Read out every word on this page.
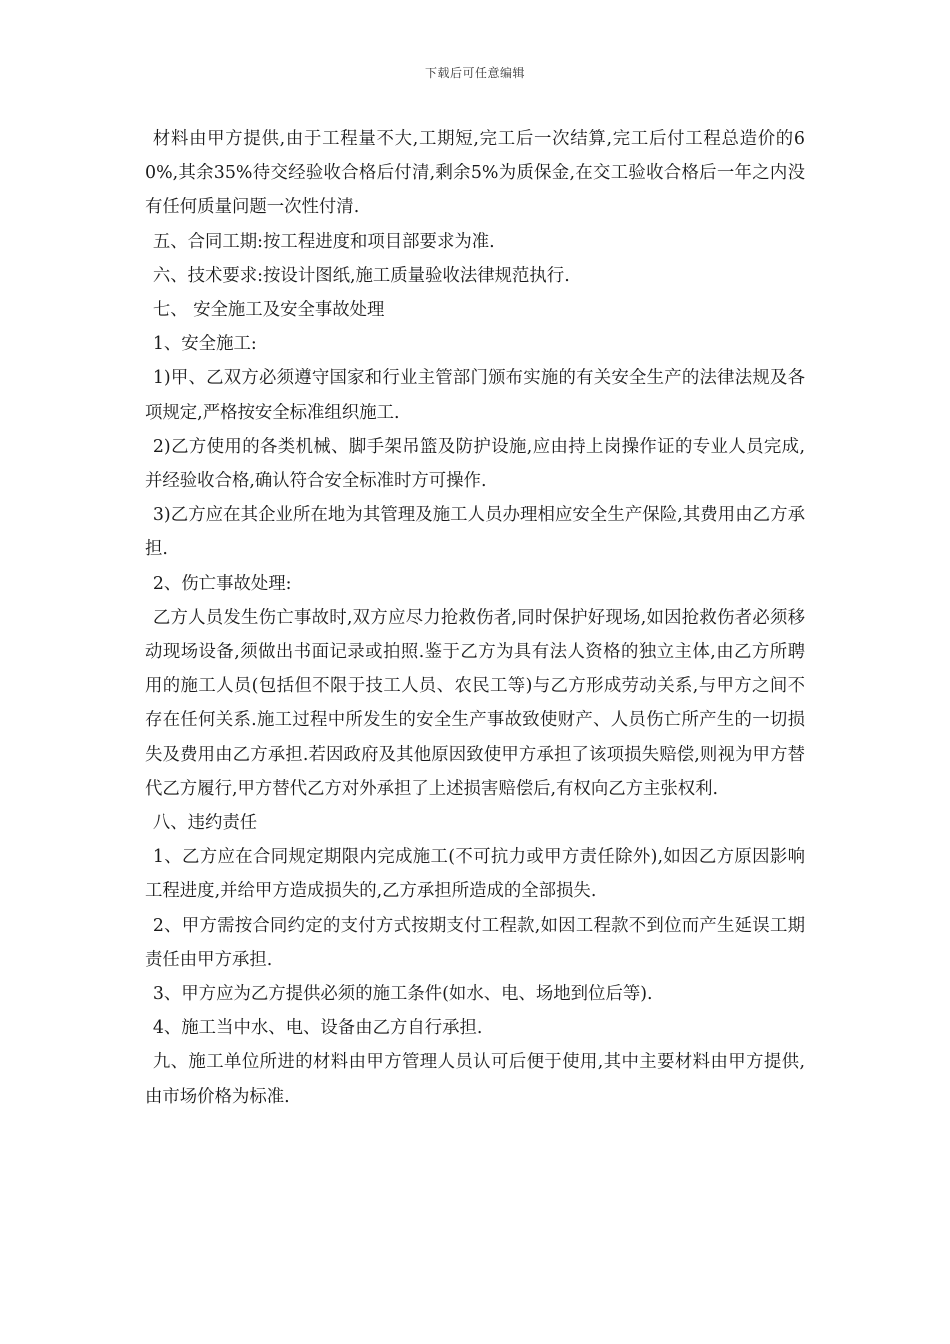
下载后可任意编辑

材料由甲方提供,由于工程量不大,工期短,完工后一次结算,完工后付工程总造价的60%,其余35%待交经验收合格后付清,剩余5%为质保金,在交工验收合格后一年之内没有任何质量问题一次性付清.

五、合同工期:按工程进度和项目部要求为准.

六、技术要求:按设计图纸,施工质量验收法律规范执行.

七、 安全施工及安全事故处理

1、安全施工:

1)甲、乙双方必须遵守国家和行业主管部门颁布实施的有关安全生产的法律法规及各项规定,严格按安全标准组织施工.

2)乙方使用的各类机械、脚手架吊篮及防护设施,应由持上岗操作证的专业人员完成,并经验收合格,确认符合安全标准时方可操作.

3)乙方应在其企业所在地为其管理及施工人员办理相应安全生产保险,其费用由乙方承担.

2、伤亡事故处理:

乙方人员发生伤亡事故时,双方应尽力抢救伤者,同时保护好现场,如因抢救伤者必须移动现场设备,须做出书面记录或拍照.鉴于乙方为具有法人资格的独立主体,由乙方所聘用的施工人员(包括但不限于技工人员、农民工等)与乙方形成劳动关系,与甲方之间不存在任何关系.施工过程中所发生的安全生产事故致使财产、人员伤亡所产生的一切损失及费用由乙方承担.若因政府及其他原因致使甲方承担了该项损失赔偿,则视为甲方替代乙方履行,甲方替代乙方对外承担了上述损害赔偿后,有权向乙方主张权利.

八、违约责任

1、乙方应在合同规定期限内完成施工(不可抗力或甲方责任除外),如因乙方原因影响工程进度,并给甲方造成损失的,乙方承担所造成的全部损失.

2、甲方需按合同约定的支付方式按期支付工程款,如因工程款不到位而产生延误工期责任由甲方承担.

3、甲方应为乙方提供必须的施工条件(如水、电、场地到位后等).

4、施工当中水、电、设备由乙方自行承担.

九、施工单位所进的材料由甲方管理人员认可后便于使用,其中主要材料由甲方提供,由市场价格为标准.
